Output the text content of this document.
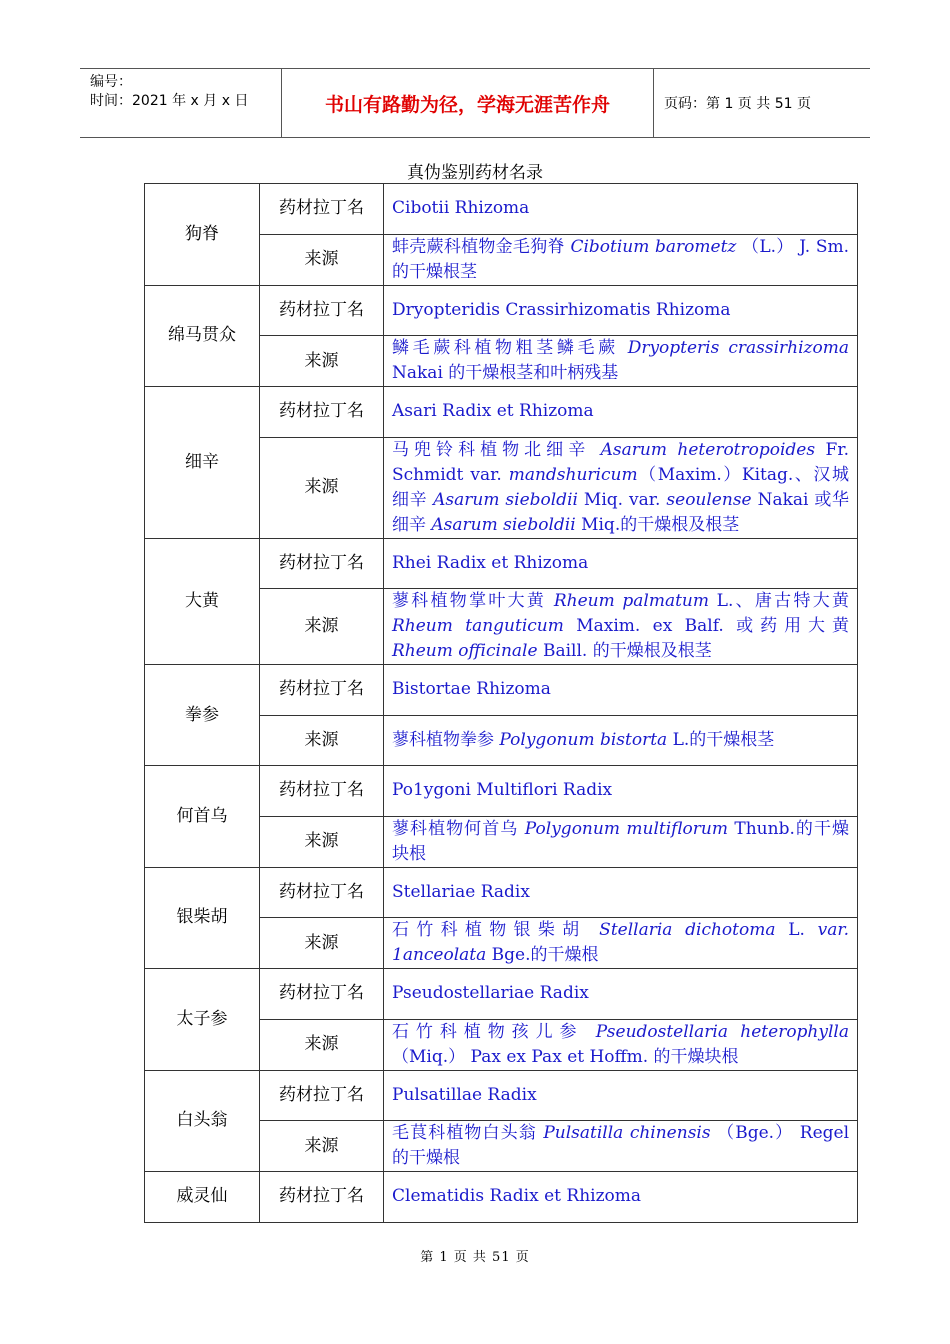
编号：
时间：2021 年 x 月 x 日	书山有路勤为径，学海无涯苦作舟	页码：第 1 页 共 51 页
真伪鉴别药材名录
狗脊	药材拉丁名	Cibotii Rhizoma
	来源	蚌壳蕨科植物金毛狗脊 Cibotium barometz （L.） J. Sm.的干燥根茎
绵马贯众	药材拉丁名	Dryopteridis Crassirhizomatis Rhizoma
	来源	鳞毛蕨科植物粗茎鳞毛蕨 Dryopteris crassirhizoma Nakai 的干燥根茎和叶柄残基
细辛	药材拉丁名	Asari Radix et Rhizoma
	来源	马兜铃科植物北细辛 Asarum heterotropoides Fr. Schmidt var. mandshuricum（Maxim.）Kitag.、汉城细辛 Asarum sieboldii Miq. var. seoulense Nakai 或华细辛 Asarum sieboldii Miq.的干燥根及根茎
大黄	药材拉丁名	Rhei Radix et Rhizoma
	来源	蓼科植物掌叶大黄 Rheum palmatum L.、唐古特大黄 Rheum tanguticum Maxim. ex Balf. 或药用大黄 Rheum officinale Baill. 的干燥根及根茎
拳参	药材拉丁名	Bistortae Rhizoma
	来源	蓼科植物拳参 Polygonum bistorta L.的干燥根茎
何首乌	药材拉丁名	Po1ygoni Multiflori Radix
	来源	蓼科植物何首乌 Polygonum multiflorum Thunb.的干燥块根
银柴胡	药材拉丁名	Stellariae Radix
	来源	石竹科植物银柴胡 Stellaria dichotoma L. var. 1anceolata Bge.的干燥根
太子参	药材拉丁名	Pseudostellariae Radix
	来源	石竹科植物孩儿参 Pseudostellaria heterophylla （Miq.） Pax ex Pax et Hoffm. 的干燥块根
白头翁	药材拉丁名	Pulsatillae Radix
	来源	毛茛科植物白头翁 Pulsatilla chinensis （Bge.） Regel 的干燥根
威灵仙	药材拉丁名	Clematidis Radix et Rhizoma
第 1 页 共 51 页
